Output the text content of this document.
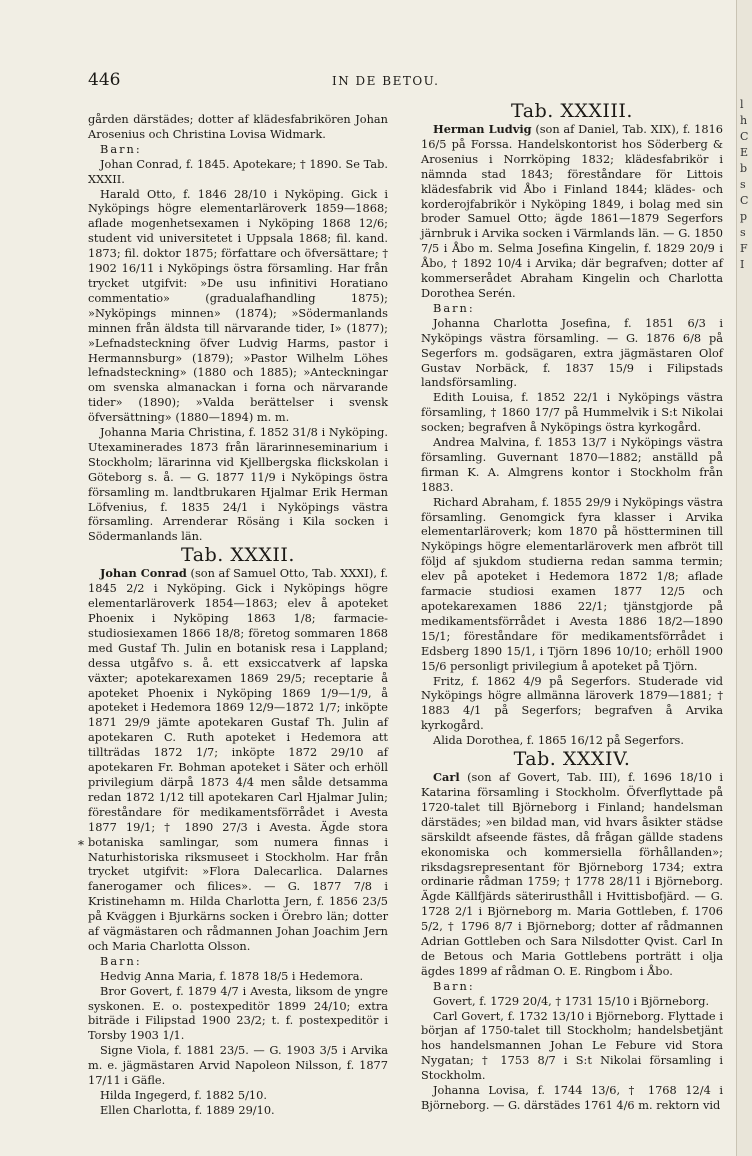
446	IN DE BETOU.

gården därstädes; dotter af klädesfabrikören Johan Arosenius och Christina Lovisa Widmark.

Barn:

Johan Conrad, f. 1845. Apotekare; † 1890. Se Tab. XXXII.

Harald Otto, f. 1846 28/10 i Nyköping. Gick i Nyköpings högre elementarläroverk 1859—1868; aflade mogenhetsexamen i Nyköping 1868 12/6; student vid universitetet i Uppsala 1868; fil. kand. 1873; fil. doktor 1875; författare och öfversättare; † 1902 16/11 i Nyköpings östra församling. Har från trycket utgifvit: »De usu infinitivi Horatiano commentatio» (gradualafhandling 1875); »Nyköpings minnen» (1874); »Södermanlands minnen från äldsta till närvarande tider, I» (1877); »Lefnadsteckning öfver Ludvig Harms, pastor i Hermannsburg» (1879); »Pastor Wilhelm Löhes lefnadsteckning» (1880 och 1885); »Anteckningar om svenska almanackan i forna och närvarande tider» (1890); »Valda berättelser i svensk öfversättning» (1880—1894) m. m.

Johanna Maria Christina, f. 1852 31/8 i Nyköping. Utexaminerades 1873 från lärarinneseminarium i Stockholm; lärarinna vid Kjellbergska flickskolan i Göteborg s. å. — G. 1877 11/9 i Nyköpings östra församling m. landtbrukaren Hjalmar Erik Herman Löfvenius, f. 1835 24/1 i Nyköpings västra församling. Arrenderar Rösäng i Kila socken i Södermanlands län.

Tab. XXXII.

Johan Conrad (son af Samuel Otto, Tab. XXXI), f. 1845 2/2 i Nyköping. Gick i Nyköpings högre elementarläroverk 1854—1863; elev å apoteket Phoenix i Nyköping 1863 1/8; farmacie-studiosiexamen 1866 18/8; företog sommaren 1868 med Gustaf Th. Julin en botanisk resa i Lappland; dessa utgåfvo s. å. ett exsiccatverk af lapska växter; apotekarexamen 1869 29/5; receptarie å apoteket Phoenix i Nyköping 1869 1/9—1/9, å apoteket i Hedemora 1869 12/9—1872 1/7; inköpte 1871 29/9 jämte apotekaren Gustaf Th. Julin af apotekaren C. Ruth apoteket i Hedemora att tillträdas 1872 1/7; inköpte 1872 29/10 af apotekaren Fr. Bohman apoteket i Säter och erhöll privilegium därpå 1873 4/4 men sålde detsamma redan 1872 1/12 till apotekaren Carl Hjalmar Julin; föreståndare för medikamentsförrådet i Avesta 1877 19/1; † 1890 27/3 i Avesta. Ägde stora botaniska samlingar, som numera finnas i Naturhistoriska riksmuseet i Stockholm. Har från trycket utgifvit: »Flora Dalecarlica. Dalarnes fanerogamer och filices». — G. 1877 7/8 i Kristinehamn m. Hilda Charlotta Jern, f. 1856 23/5 på Kväggen i Bjurkärns socken i Örebro län; dotter af vägmästaren och rådmannen Johan Joachim Jern och Maria Charlotta Olsson.

Barn:

Hedvig Anna Maria, f. 1878 18/5 i Hedemora.

Bror Govert, f. 1879 4/7 i Avesta, liksom de yngre syskonen. E. o. postexpeditör 1899 24/10; extra biträde i Filipstad 1900 23/2; t. f. postexpeditör i Torsby 1903 1/1.

Signe Viola, f. 1881 23/5. — G. 1903 3/5 i Arvika m. e. jägmästaren Arvid Napoleon Nilsson, f. 1877 17/11 i Gäfle.

Hilda Ingegerd, f. 1882 5/10.

Ellen Charlotta, f. 1889 29/10.

*

Tab. XXXIII.

Herman Ludvig (son af Daniel, Tab. XIX), f. 1816 16/5 på Forssa. Handelskontorist hos Söderberg & Arosenius i Norrköping 1832; klädesfabrikör i nämnda stad 1843; föreståndare för Littois klädesfabrik vid Åbo i Finland 1844; klädes- och korderojfabrikör i Nyköping 1849, i bolag med sin broder Samuel Otto; ägde 1861—1879 Segerfors järnbruk i Arvika socken i Värmlands län. — G. 1850 7/5 i Åbo m. Selma Josefina Kingelin, f. 1829 20/9 i Åbo, † 1892 10/4 i Arvika; där begrafven; dotter af kommerserådet Abraham Kingelin och Charlotta Dorothea Serén.

Barn:

Johanna Charlotta Josefina, f. 1851 6/3 i Nyköpings västra församling. — G. 1876 6/8 på Segerfors m. godsägaren, extra jägmästaren Olof Gustav Norbäck, f. 1837 15/9 i Filipstads landsförsamling.

Edith Louisa, f. 1852 22/1 i Nyköpings västra församling, † 1860 17/7 på Hummelvik i S:t Nikolai socken; begrafven å Nyköpings östra kyrkogård.

Andrea Malvina, f. 1853 13/7 i Nyköpings västra församling. Guvernant 1870—1882; anställd på firman K. A. Almgrens kontor i Stockholm från 1883.

Richard Abraham, f. 1855 29/9 i Nyköpings västra församling. Genomgick fyra klasser i Arvika elementarläroverk; kom 1870 på höstterminen till Nyköpings högre elementarläroverk men afbröt till följd af sjukdom studierna redan samma termin; elev på apoteket i Hedemora 1872 1/8; aflade farmacie studiosi examen 1877 12/5 och apotekarexamen 1886 22/1; tjänstgjorde på medikamentsförrådet i Avesta 1886 18/2—1890 15/1; föreståndare för medikamentsförrådet i Edsberg 1890 15/1, i Tjörn 1896 10/10; erhöll 1900 15/6 personligt privilegium å apoteket på Tjörn.

Fritz, f. 1862 4/9 på Segerfors. Studerade vid Nyköpings högre allmänna läroverk 1879—1881; † 1883 4/1 på Segerfors; begrafven å Arvika kyrkogård.

Alida Dorothea, f. 1865 16/12 på Segerfors.

Tab. XXXIV.

Carl (son af Govert, Tab. III), f. 1696 18/10 i Katarina församling i Stockholm. Öfverflyttade på 1720-talet till Björneborg i Finland; handelsman därstädes; »en bildad man, vid hvars åsikter städse särskildt afseende fästes, då frågan gällde stadens ekonomiska och kommersiella förhållanden»; riksdagsrepresentant för Björneborg 1734; extra ordinarie rådman 1759; † 1778 28/11 i Björneborg. Ägde Källfjärds säterirusthåll i Hvittisbofjärd. — G. 1728 2/1 i Björneborg m. Maria Gottleben, f. 1706 5/2, † 1796 8/7 i Björneborg; dotter af rådmannen Adrian Gottleben och Sara Nilsdotter Qvist. Carl In de Betous och Maria Gottlebens porträtt i olja ägdes 1899 af rådman O. E. Ringbom i Åbo.

Barn:

Govert, f. 1729 20/4, † 1731 15/10 i Björneborg.

Carl Govert, f. 1732 13/10 i Björneborg. Flyttade i början af 1750-talet till Stockholm; handelsbetjänt hos handelsmannen Johan Le Febure vid Stora Nygatan; † 1753 8/7 i S:t Nikolai församling i Stockholm.

Johanna Lovisa, f. 1744 13/6, † 1768 12/4 i Björneborg. — G. därstädes 1761 4/6 m. rektorn vid

l
h
C
E
b
s
C
p
s
F
I
